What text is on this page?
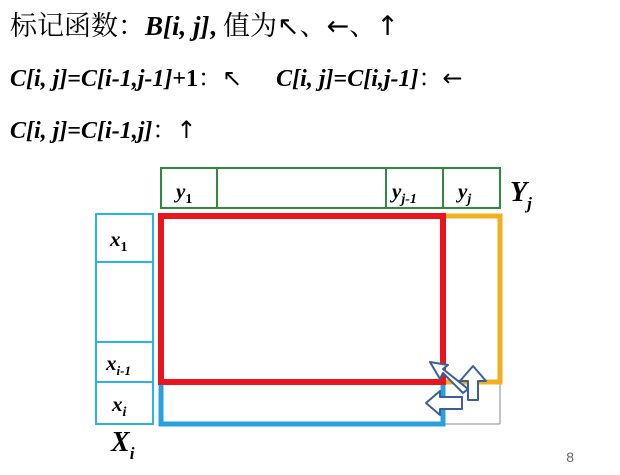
标记函数：B[i, j], 值为↖、←、↑
C[i, j]=C[i-1,j-1]+1：↖ C[i, j]=C[i,j-1]：←
C[i, j]=C[i-1,j]：↑
$y_1$	$y_{j-1}$ $y_j$ $Y_j$
$x_1$
$x_{i-1}$
$x_i$
$X_i$	8
